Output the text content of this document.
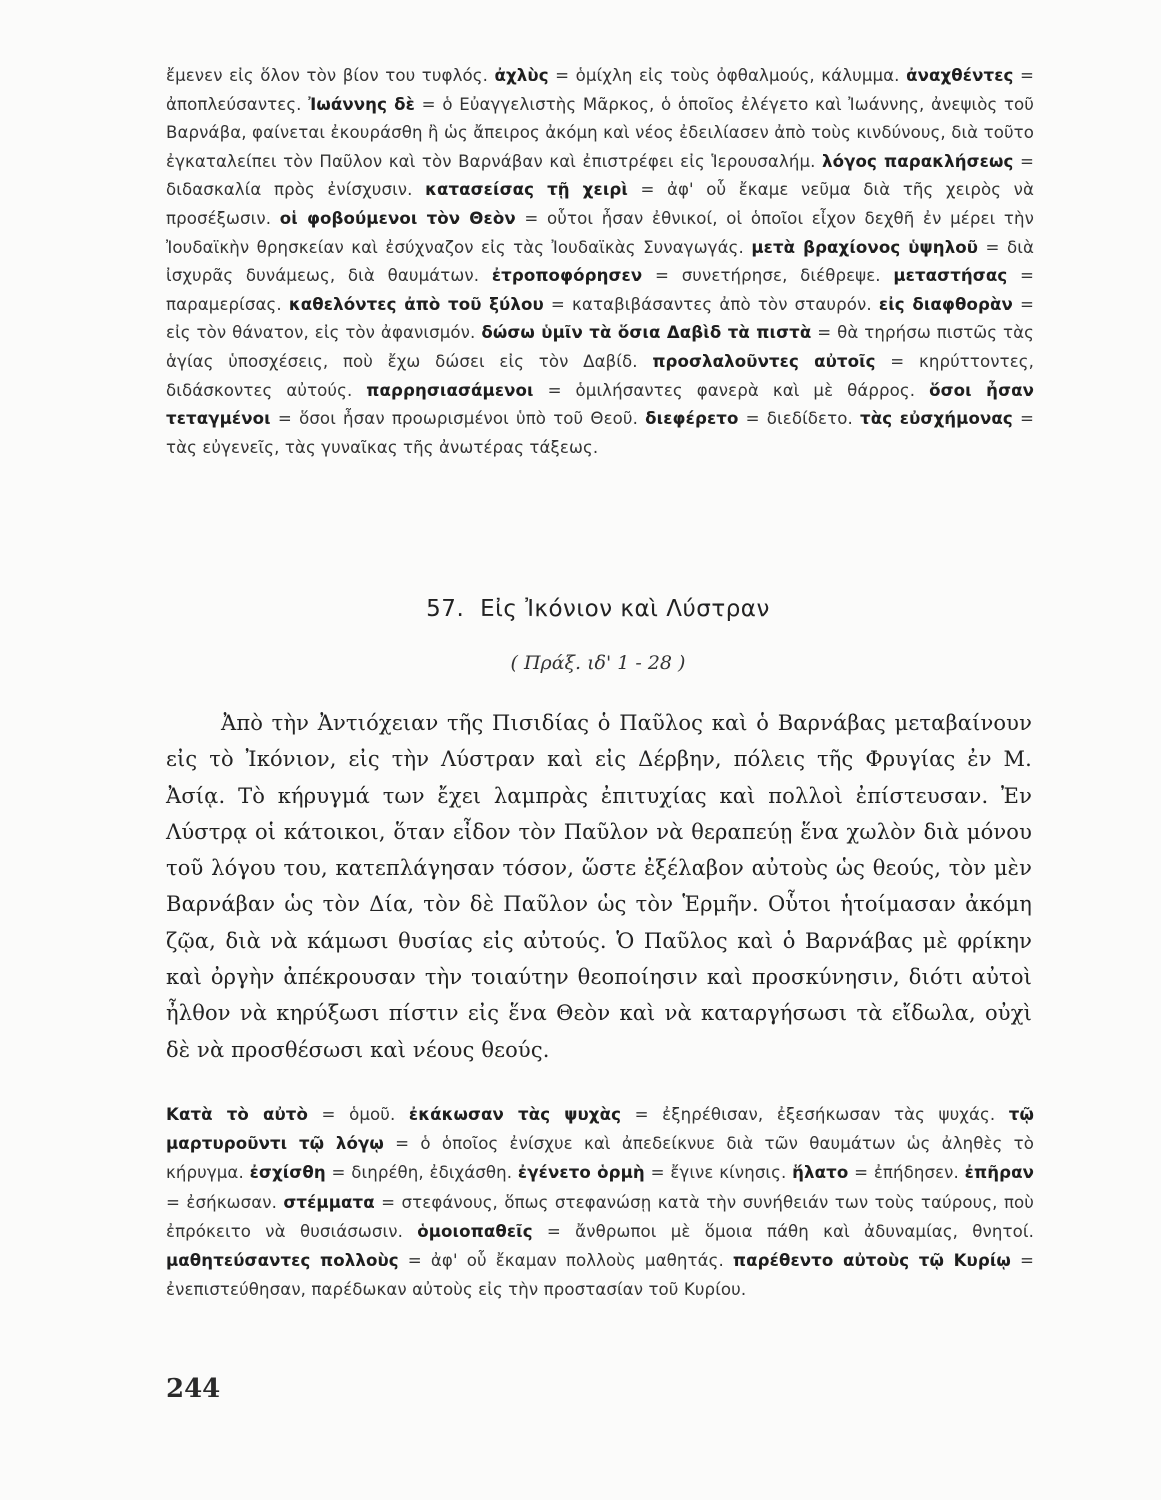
ἔμενεν εἰς ὅλον τὸν βίον του τυφλός. ἀχλὺς = ὁμίχλη εἰς τοὺς ὀφθαλμούς, κάλυμμα. ἀναχθέντες = ἀποπλεύσαντες. Ἰωάννης δὲ = ὁ Εὐαγγελιστὴς Μᾶρκος, ὁ ὁποῖος ἐλέγετο καὶ Ἰωάννης, ἀνεψιὸς τοῦ Βαρνάβα, φαίνεται ἐκουράσθη ἢ ὡς ἄπειρος ἀκόμη καὶ νέος ἐδειλίασεν ἀπὸ τοὺς κινδύνους, διὰ τοῦτο ἐγκαταλείπει τὸν Παῦλον καὶ τὸν Βαρνάβαν καὶ ἐπιστρέφει εἰς Ἱερουσαλήμ. λόγος παρακλήσεως = διδασκαλία πρὸς ἐνίσχυσιν. κατασείσας τῇ χειρὶ = ἀφ' οὗ ἔκαμε νεῦμα διὰ τῆς χειρὸς νὰ προσέξωσιν. οἱ φοβούμενοι τὸν Θεὸν = οὗτοι ἦσαν ἐθνικοί, οἱ ὁποῖοι εἶχον δεχθῆ ἐν μέρει τὴν Ἰουδαϊκὴν θρησκείαν καὶ ἐσύχναζον εἰς τὰς Ἰουδαϊκὰς Συναγωγάς. μετὰ βραχίονος ὑψηλοῦ = διὰ ἰσχυρᾶς δυνάμεως, διὰ θαυμάτων. ἐτροποφόρησεν = συνετήρησε, διέθρεψε. μεταστήσας = παραμερίσας. καθελόντες ἀπὸ τοῦ ξύλου = καταβιβάσαντες ἀπὸ τὸν σταυρόν. εἰς διαφθορὰν = εἰς τὸν θάνατον, εἰς τὸν ἀφανισμόν. δώσω ὑμῖν τὰ ὅσια Δαβὶδ τὰ πιστὰ = θὰ τηρήσω πιστῶς τὰς ἁγίας ὑποσχέσεις, ποὺ ἔχω δώσει εἰς τὸν Δαβίδ. προσλαλοῦντες αὐτοῖς = κηρύττοντες, διδάσκοντες αὐτούς. παρρησιασάμενοι = ὁμιλήσαντες φανερὰ καὶ μὲ θάρρος. ὅσοι ἦσαν τεταγμένοι = ὅσοι ἦσαν προωρισμένοι ὑπὸ τοῦ Θεοῦ. διεφέρετο = διεδίδετο. τὰς εὐσχήμονας = τὰς εὐγενεῖς, τὰς γυναῖκας τῆς ἀνωτέρας τάξεως.
57. Εἰς Ἰκόνιον καὶ Λύστραν
( Πράξ. ιδ' 1 - 28 )
Ἀπὸ τὴν Ἀντιόχειαν τῆς Πισιδίας ὁ Παῦλος καὶ ὁ Βαρνάβας μεταβαίνουν εἰς τὸ Ἰκόνιον, εἰς τὴν Λύστραν καὶ εἰς Δέρβην, πόλεις τῆς Φρυγίας ἐν Μ. Ἀσίᾳ. Τὸ κήρυγμά των ἔχει λαμπρὰς ἐπιτυχίας καὶ πολλοὶ ἐπίστευσαν. Ἐν Λύστρᾳ οἱ κάτοικοι, ὅταν εἶδον τὸν Παῦλον νὰ θεραπεύῃ ἕνα χωλὸν διὰ μόνου τοῦ λόγου του, κατεπλάγησαν τόσον, ὥστε ἐξέλαβον αὐτοὺς ὡς θεούς, τὸν μὲν Βαρνάβαν ὡς τὸν Δία, τὸν δὲ Παῦλον ὡς τὸν Ἑρμῆν. Οὗτοι ἡτοίμασαν ἀκόμη ζῷα, διὰ νὰ κάμωσι θυσίας εἰς αὐτούς. Ὁ Παῦλος καὶ ὁ Βαρνάβας μὲ φρίκην καὶ ὀργὴν ἀπέκρουσαν τὴν τοιαύτην θεοποίησιν καὶ προσκύνησιν, διότι αὐτοὶ ἦλθον νὰ κηρύξωσι πίστιν εἰς ἕνα Θεὸν καὶ νὰ καταργήσωσι τὰ εἴδωλα, οὐχὶ δὲ νὰ προσθέσωσι καὶ νέους θεούς.
Κατὰ τὸ αὐτὸ = ὁμοῦ. ἐκάκωσαν τὰς ψυχὰς = ἐξηρέθισαν, ἐξεσήκωσαν τὰς ψυχάς. τῷ μαρτυροῦντι τῷ λόγῳ = ὁ ὁποῖος ἐνίσχυε καὶ ἀπεδείκνυε διὰ τῶν θαυμάτων ὡς ἀληθὲς τὸ κήρυγμα. ἐσχίσθη = διηρέθη, ἐδιχάσθη. ἐγένετο ὁρμὴ = ἔγινε κίνησις. ἥλατο = ἐπήδησεν. ἐπῆραν = ἐσήκωσαν. στέμματα = στεφάνους, ὅπως στεφανώσῃ κατὰ τὴν συνήθειάν των τοὺς ταύρους, ποὺ ἐπρόκειτο νὰ θυσιάσωσιν. ὁμοιοπαθεῖς = ἄνθρωποι μὲ ὅμοια πάθη καὶ ἀδυναμίας, θνητοί. μαθητεύσαντες πολλοὺς = ἀφ' οὗ ἔκαμαν πολλοὺς μαθητάς. παρέθεντο αὐτοὺς τῷ Κυρίῳ = ἐνεπιστεύθησαν, παρέδωκαν αὐτοὺς εἰς τὴν προστασίαν τοῦ Κυρίου.
244
